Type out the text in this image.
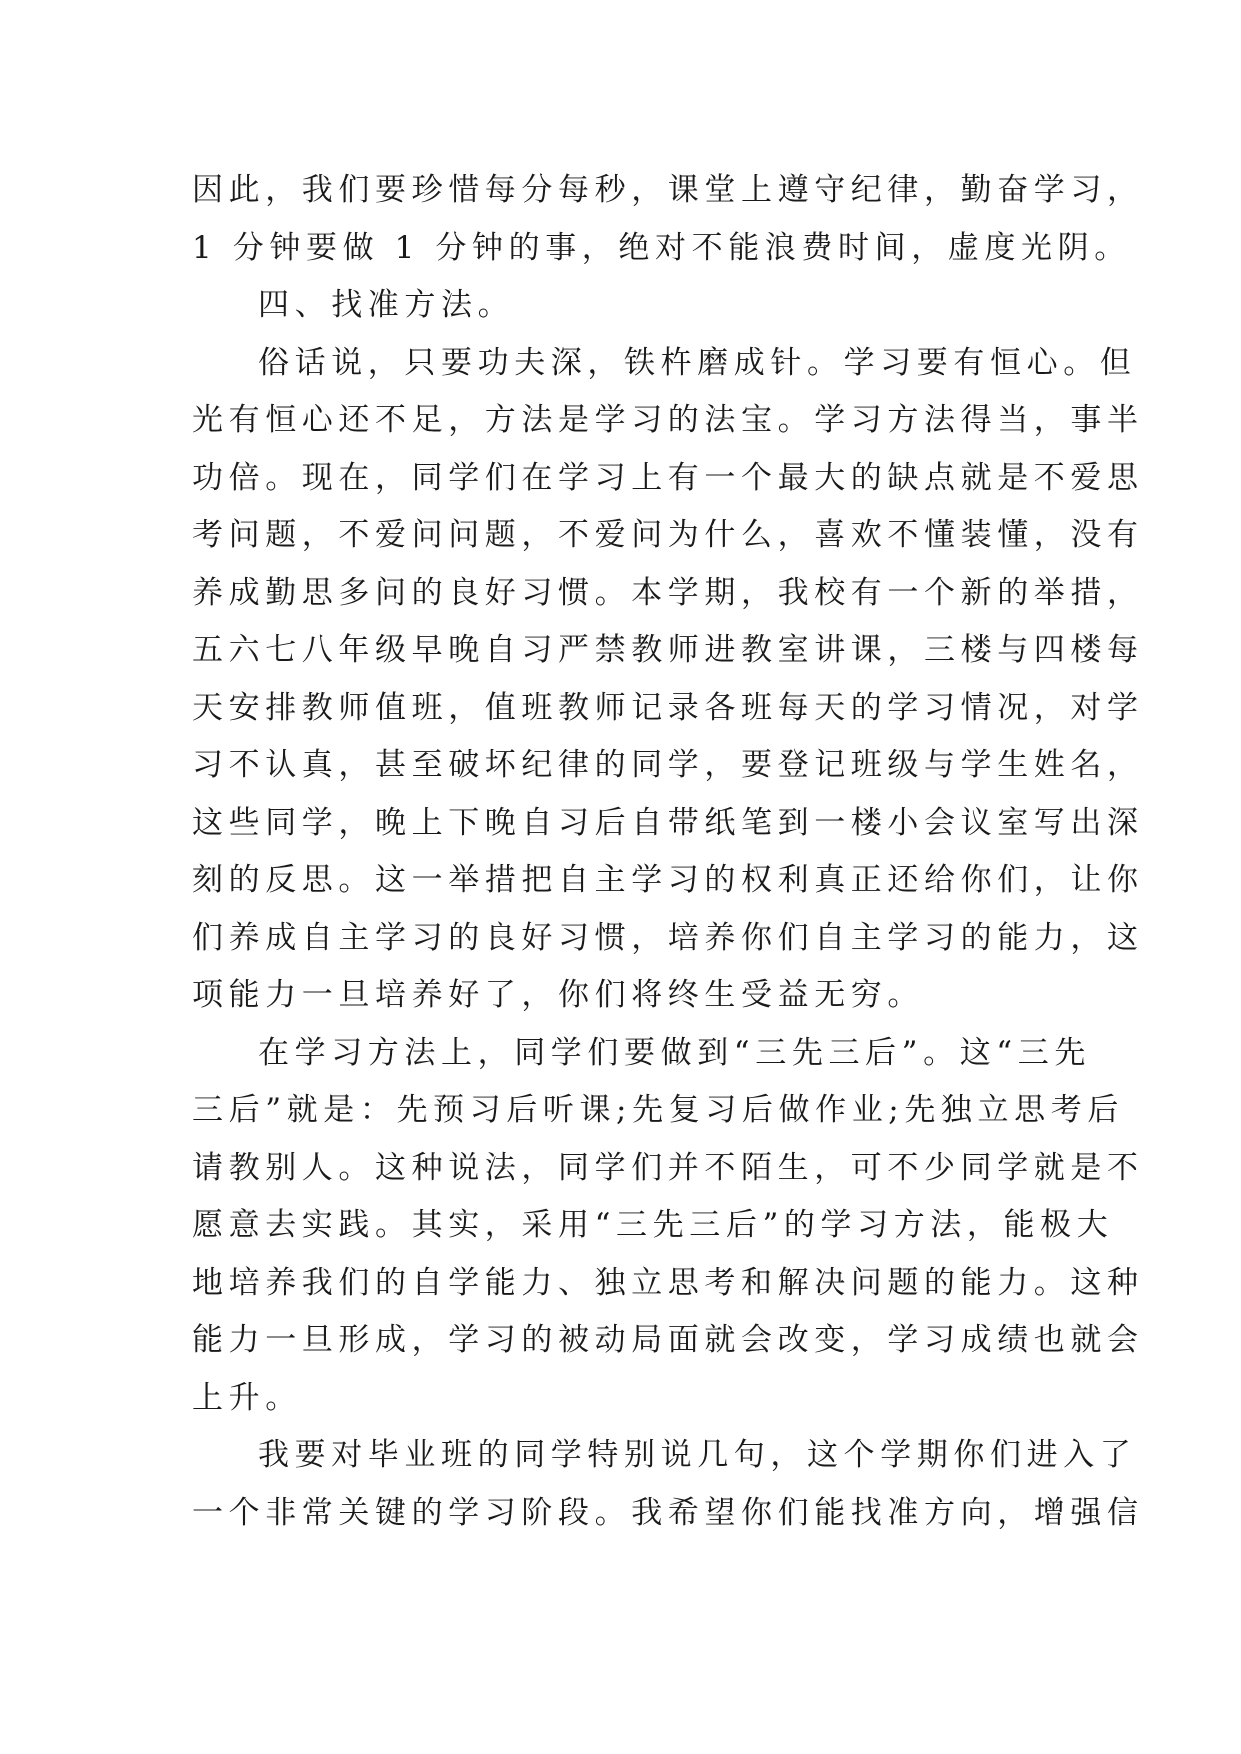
因此，我们要珍惜每分每秒，课堂上遵守纪律，勤奋学习，
1 分钟要做 1 分钟的事，绝对不能浪费时间，虚度光阴。
四、找准方法。
俗话说，只要功夫深，铁杵磨成针。学习要有恒心。但
光有恒心还不足，方法是学习的法宝。学习方法得当，事半
功倍。现在，同学们在学习上有一个最大的缺点就是不爱思
考问题，不爱问问题，不爱问为什么，喜欢不懂装懂，没有
养成勤思多问的良好习惯。本学期，我校有一个新的举措，
五六七八年级早晚自习严禁教师进教室讲课，三楼与四楼每
天安排教师值班，值班教师记录各班每天的学习情况，对学
习不认真，甚至破坏纪律的同学，要登记班级与学生姓名，
这些同学，晚上下晚自习后自带纸笔到一楼小会议室写出深
刻的反思。这一举措把自主学习的权利真正还给你们，让你
们养成自主学习的良好习惯，培养你们自主学习的能力，这
项能力一旦培养好了，你们将终生受益无穷。
在学习方法上，同学们要做到“三先三后”。这“三先
三后”就是：先预习后听课;先复习后做作业;先独立思考后
请教别人。这种说法，同学们并不陌生，可不少同学就是不
愿意去实践。其实，采用“三先三后”的学习方法，能极大
地培养我们的自学能力、独立思考和解决问题的能力。这种
能力一旦形成，学习的被动局面就会改变，学习成绩也就会
上升。
我要对毕业班的同学特别说几句，这个学期你们进入了
一个非常关键的学习阶段。我希望你们能找准方向，增强信
